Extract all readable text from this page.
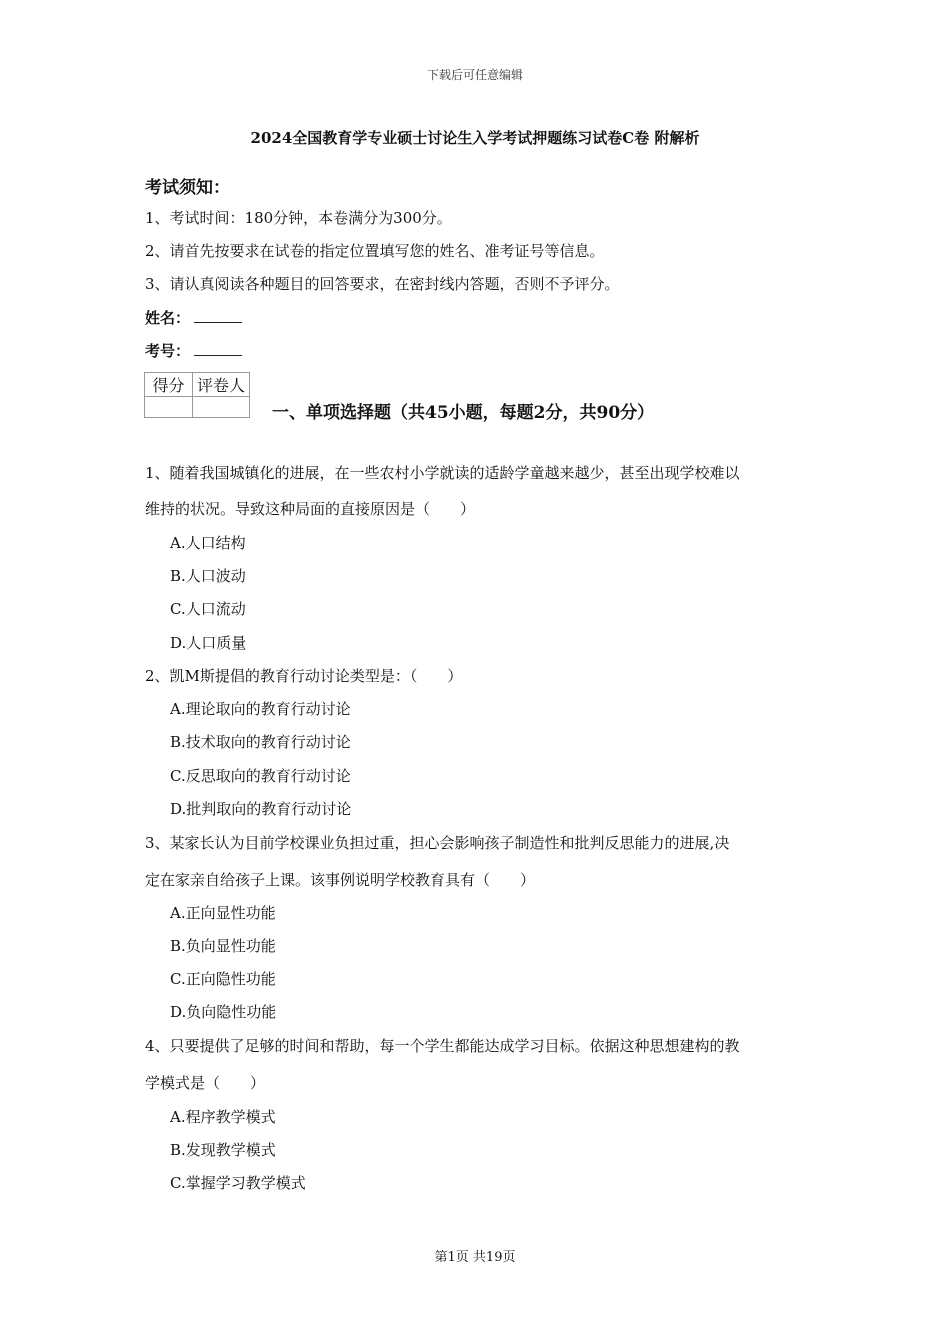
下载后可任意编辑
2024全国教育学专业硕士讨论生入学考试押题练习试卷C卷 附解析
考试须知：
1、考试时间：180分钟，本卷满分为300分。
2、请首先按要求在试卷的指定位置填写您的姓名、准考证号等信息。
3、请认真阅读各种题目的回答要求，在密封线内答题，否则不予评分。
姓名：
考号：
得分	评卷人

一、单项选择题（共45小题，每题2分，共90分）
1、随着我国城镇化的进展，在一些农村小学就读的适龄学童越来越少，甚至出现学校难以
维持的状况。导致这种局面的直接原因是（　　）
A.人口结构
B.人口波动
C.人口流动
D.人口质量
2、凯M斯提倡的教育行动讨论类型是：（　　）
A.理论取向的教育行动讨论
B.技术取向的教育行动讨论
C.反思取向的教育行动讨论
D.批判取向的教育行动讨论
3、某家长认为目前学校课业负担过重，担心会影响孩子制造性和批判反思能力的进展,决
定在家亲自给孩子上课。该事例说明学校教育具有（　　）
A.正向显性功能
B.负向显性功能
C.正向隐性功能
D.负向隐性功能
4、只要提供了足够的时间和帮助，每一个学生都能达成学习目标。依据这种思想建构的教
学模式是（　　）
A.程序教学模式
B.发现教学模式
C.掌握学习教学模式
第1页 共19页
